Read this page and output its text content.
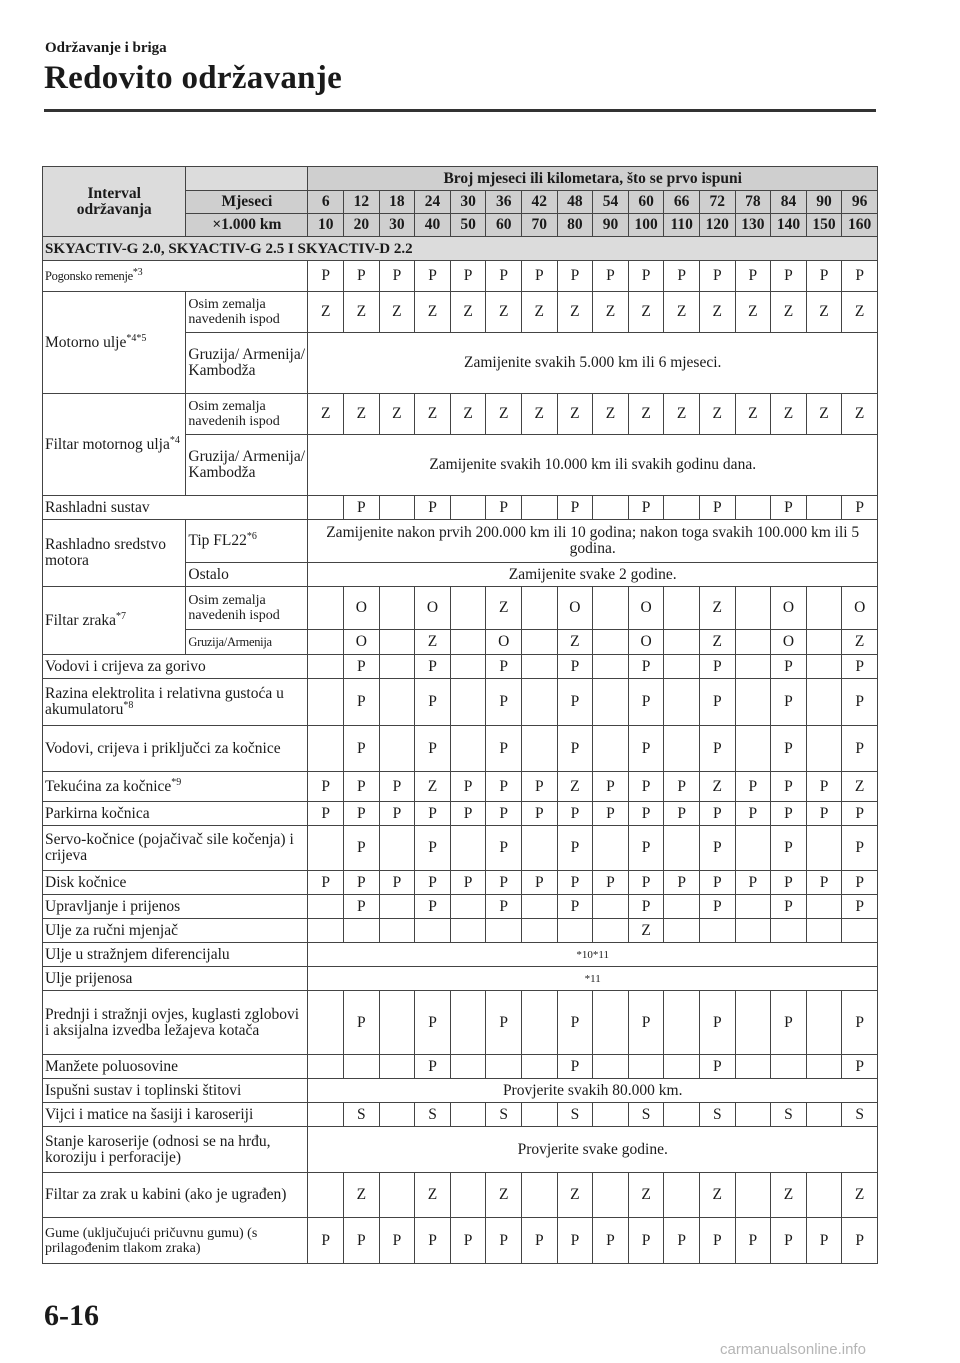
Održavanje i briga
Redovito održavanje
Interval
održavanja		Broj mjeseci ili kilometara, što se prvo ispuni															
	Mjeseci	6	12	18	24	30	36	42	48	54	60	66	72	78	84	90	96
	×1.000 km	10	20	30	40	50	60	70	80	90	100	110	120	130	140	150	160
SKYACTIV-G 2.0, SKYACTIV-G 2.5 I SKYACTIV-D 2.2																	
Pogonsko remenje$^{*3}$		P	P	P	P	P	P	P	P	P	P	P	P	P	P	P	P
Motorno ulje$^{*4*5}$	Osim zemalja navedenih ispod	Z	Z	Z	Z	Z	Z	Z	Z	Z	Z	Z	Z	Z	Z	Z	Z
	Gruzija/ Armenija/ Kambodža	Zamijenite svakih 5.000 km ili 6 mjeseci.															
Filtar motornog ulja$^{*4}$	Osim zemalja navedenih ispod	Z	Z	Z	Z	Z	Z	Z	Z	Z	Z	Z	Z	Z	Z	Z	Z
	Gruzija/ Armenija/ Kambodža	Zamijenite svakih 10.000 km ili svakih godinu dana.															
Rashladni sustav			P		P		P		P		P		P		P		P
Rashladno sredstvo motora	Tip FL22$^{*6}$	Zamijenite nakon prvih 200.000 km ili 10 godina; nakon toga svakih 100.000 km ili 5 godina.															
	Ostalo	Zamijenite svake 2 godine.															
Filtar zraka$^{*7}$	Osim zemalja navedenih ispod		O		O		Z		O		O		Z		O		O
	Gruzija/Armenija		O		Z		O		Z		O		Z		O		Z
Vodovi i crijeva za gorivo			P		P		P		P		P		P		P		P
Razina elektrolita i relativna gustoća u akumulatoru$^{*8}$			P		P		P		P		P		P		P		P
Vodovi, crijeva i priključci za kočnice			P		P		P		P		P		P		P		P
Tekućina za kočnice$^{*9}$		P	P	P	Z	P	P	P	Z	P	P	P	Z	P	P	P	Z
Parkirna kočnica		P	P	P	P	P	P	P	P	P	P	P	P	P	P	P	P
Servo-kočnice (pojačivač sile kočenja) i crijeva			P		P		P		P		P		P		P		P
Disk kočnice		P	P	P	P	P	P	P	P	P	P	P	P	P	P	P	P
Upravljanje i prijenos			P		P		P		P		P		P		P		P
Ulje za ručni mjenjač											Z						
Ulje u stražnjem diferencijalu		*10*11															
Ulje prijenosa		*11															
Prednji i stražnji ovjes, kuglasti zglobovi i aksijalna izvedba ležajeva kotača			P		P		P		P		P		P		P		P
Manžete poluosovine					P				P				P				P
Ispušni sustav i toplinski štitovi		Provjerite svakih 80.000 km.															
Vijci i matice na šasiji i karoseriji			S		S		S		S		S		S		S		S
Stanje karoserije (odnosi se na hrđu, koroziju i perforacije)		Provjerite svake godine.															
Filtar za zrak u kabini (ako je ugrađen)			Z		Z		Z		Z		Z		Z		Z		Z
Gume (uključujući pričuvnu gumu) (s prilagođenim tlakom zraka)		P	P	P	P	P	P	P	P	P	P	P	P	P	P	P	P
6-16
carmanualsonline.info
